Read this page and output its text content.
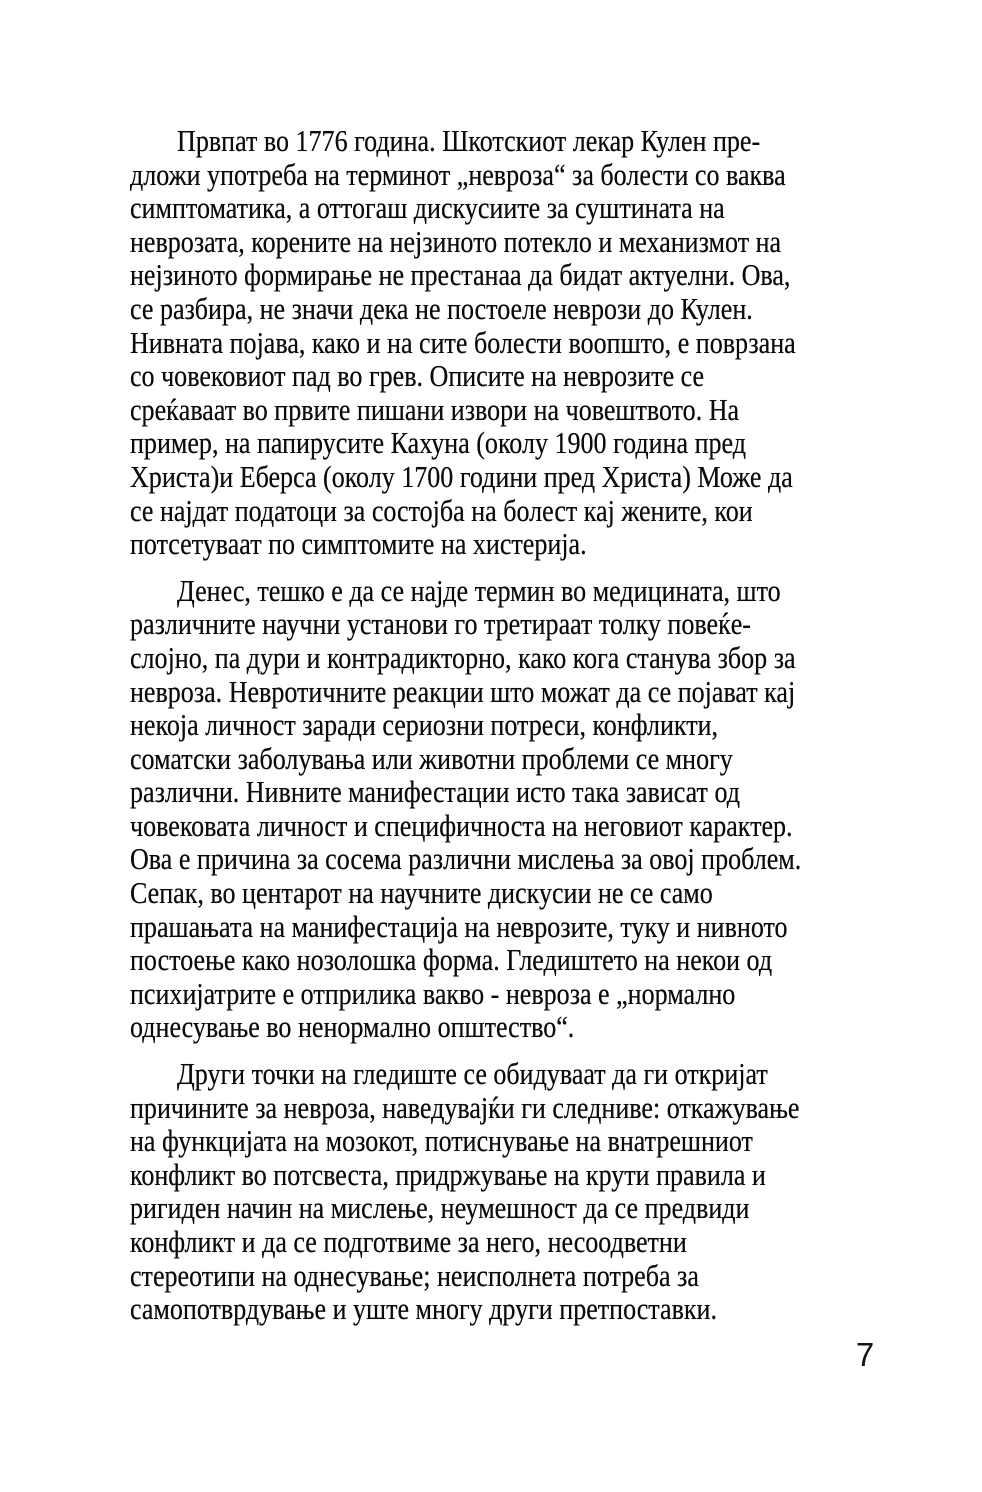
Првпат во 1776 година. Шкотскиот лекар Кулен пре-
дложи употреба на терминот „невроза“ за болести со ваква
симптоматика, а оттогаш дискусиите за суштината на
неврозата, корените на нејзиното потекло и механизмот на
нејзиното формирање не престанаа да бидат актуелни. Ова,
се разбира, не значи дека не постоеле неврози до Кулен.
Нивната појава, како и на сите болести воопшто, е поврзана
со човековиот пад во грев. Описите на неврозите се
среќаваат во првите пишани извори на човештвото. На
пример, на папирусите Кахуна (околу 1900 година пред
Христа)и Еберса (околу 1700 години пред Христа) Може да
се најдат податоци за состојба на болест кај жените, кои
потсетуваат по симптомите на хистерија.
Денес, тешко е да се најде термин во медицината, што
различните научни установи го третираат толку повеќе-
слојно, па дури и контрадикторно, како кога станува збор за
невроза. Невротичните реакции што можат да се појават кај
некоја личност заради сериозни потреси, конфликти,
соматски заболувања или животни проблеми се многу
различни. Нивните манифестации исто така зависат од
човековата личност и специфичноста на неговиот карактер.
Ова е причина за сосема различни мислења за овој проблем.
Сепак, во центарот на научните дискусии не се само
прашањата на манифестација на неврозите, туку и нивното
постоење како нозолошка форма. Гледиштето на некои од
психијатрите е отприлика вакво - невроза е „нормално
однесување во ненормално општество“.
Други точки на гледиште се обидуваат да ги откријат
причините за невроза, наведувајќи ги следниве: откажување
на функцијата на мозокот, потиснување на внатрешниот
конфликт во потсвеста, придржување на крути правила и
ригиден начин на мислење, неумешност да се предвиди
конфликт и да се подготвиме за него, несоодветни
стереотипи на однесување; неисполнета потреба за
самопотврдување и уште многу други претпоставки.
7
